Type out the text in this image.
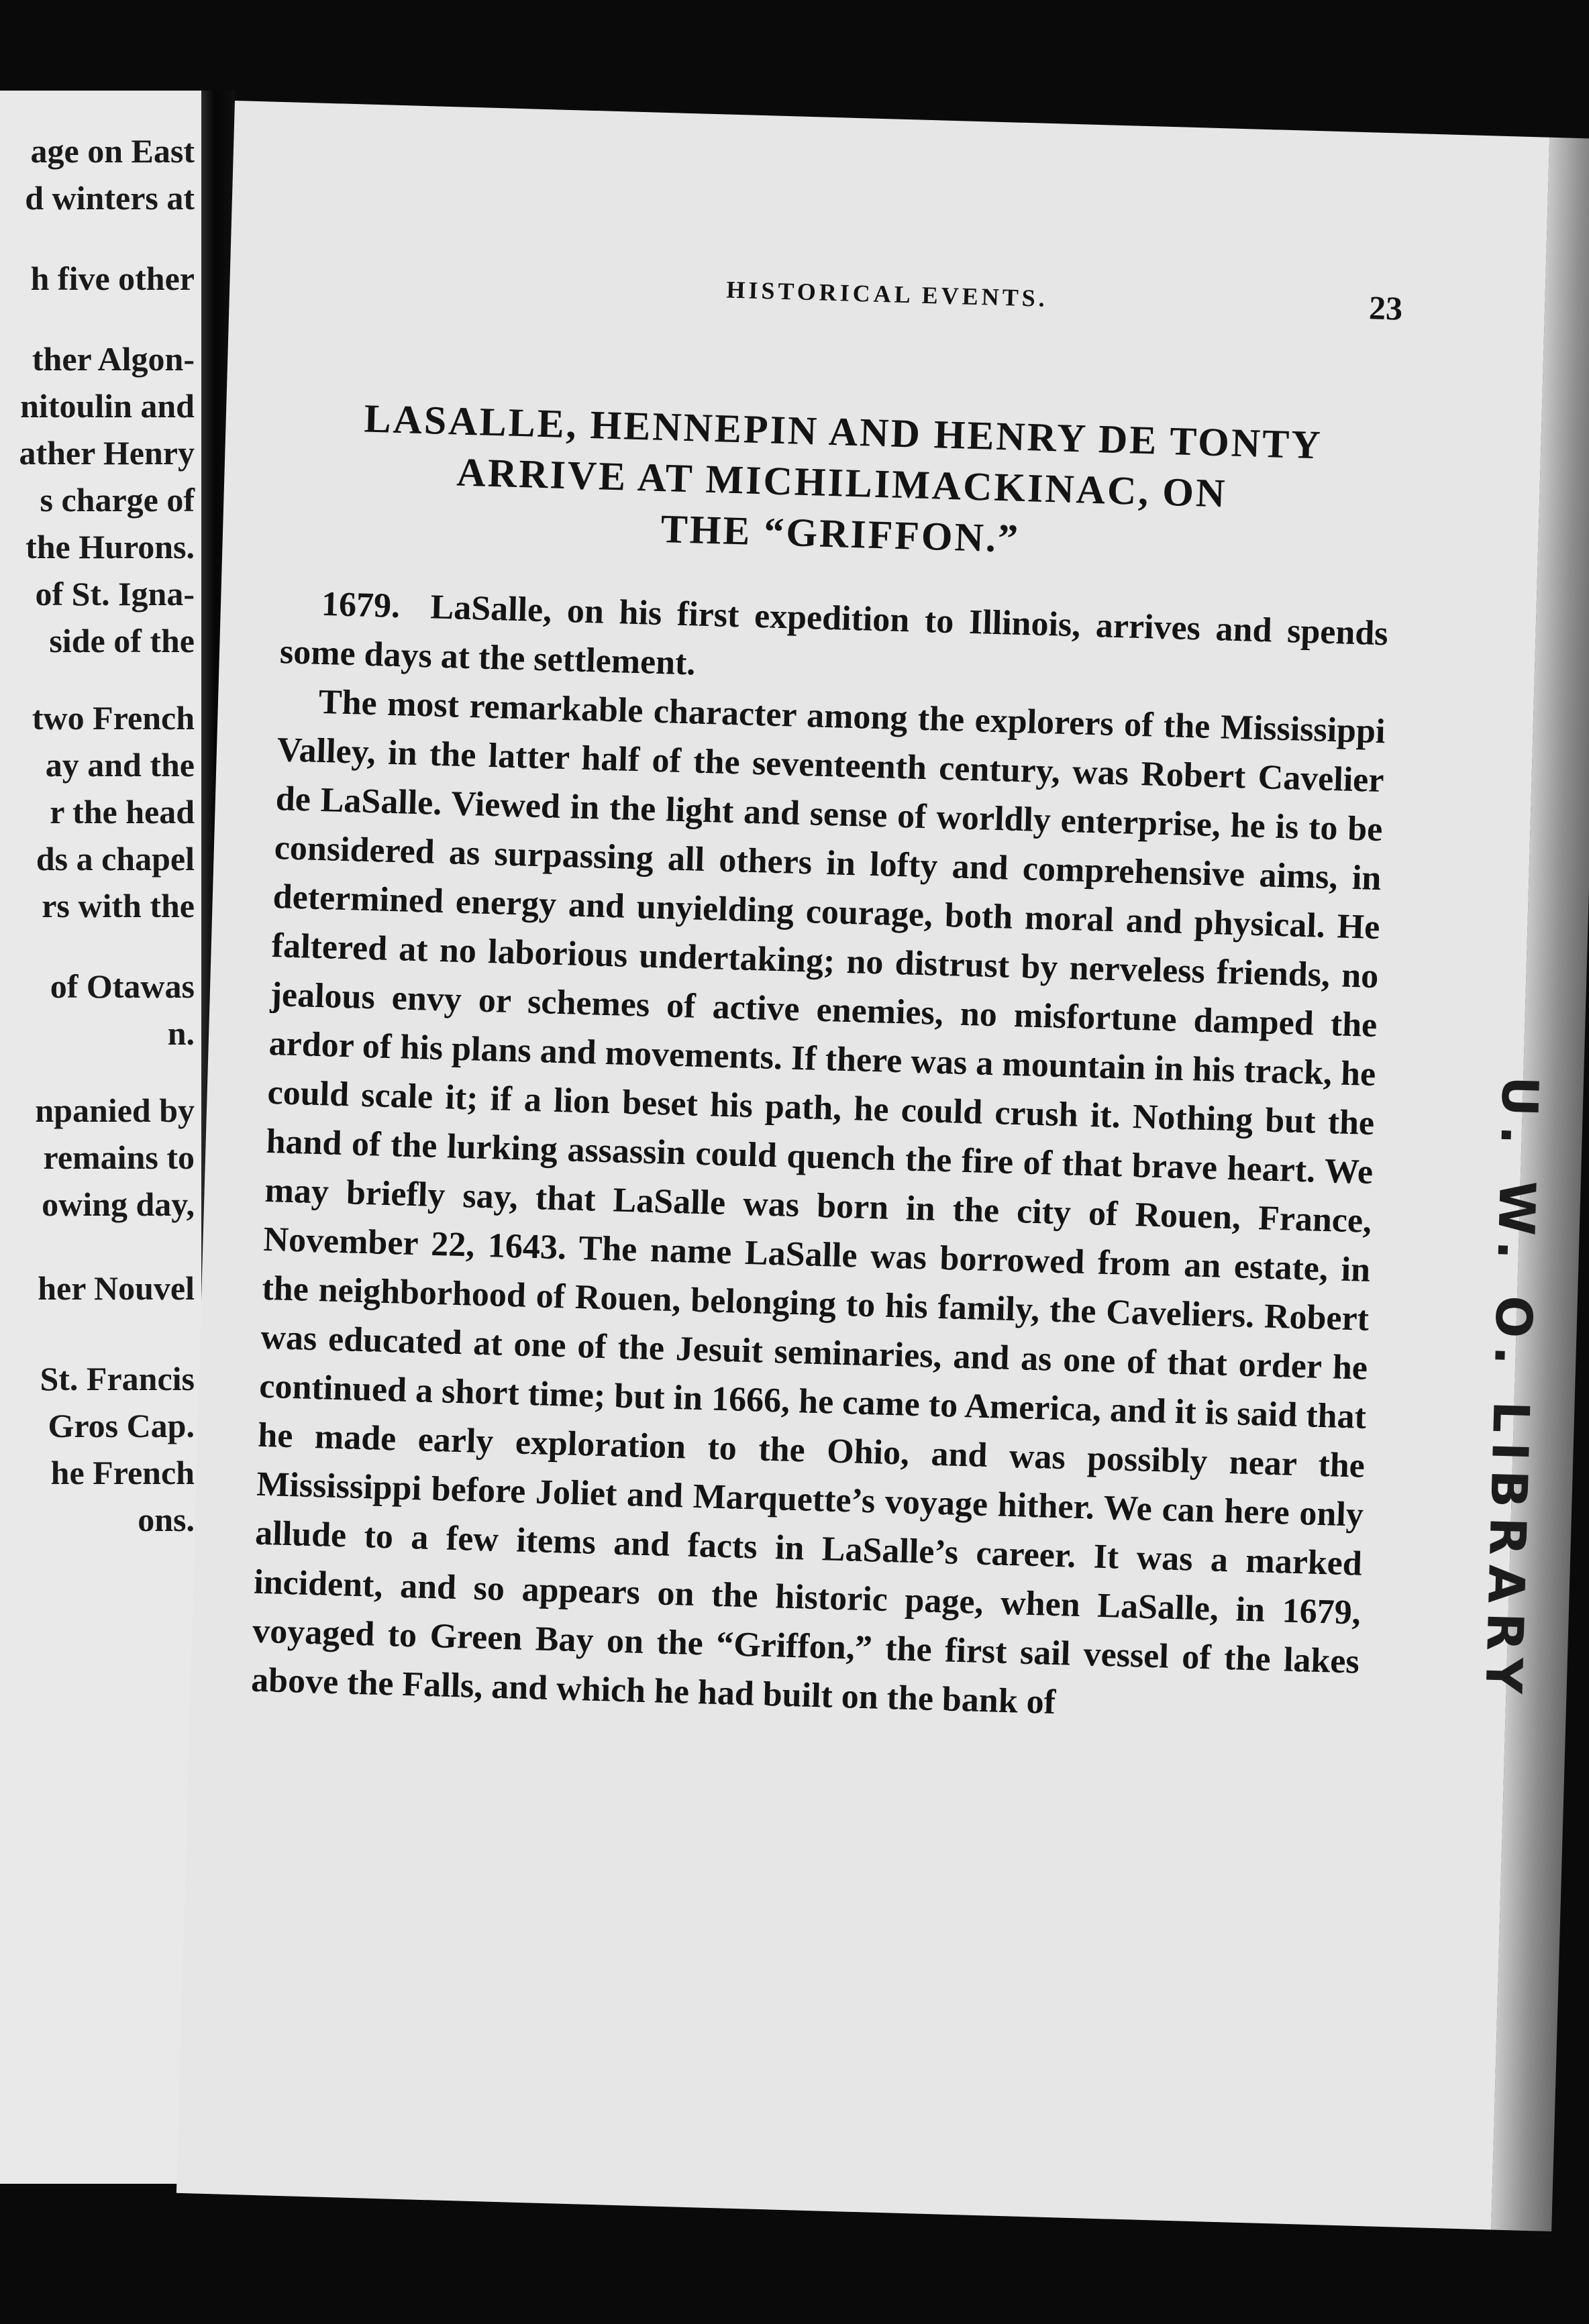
age on East
d winters at
h five other
ther Algon-
nitoulin and
ather Henry
s charge of
the Hurons.
of St. Igna-
side of the
two French
ay and the
r the head
ds a chapel
rs with the
of Otawas
n.
npanied by
remains to
owing day,
her Nouvel
St. Francis
Gros Cap.
he French
ons.
HISTORICAL EVENTS.	23
LASALLE, HENNEPIN AND HENRY DE TONTY
ARRIVE AT MICHILIMACKINAC, ON
THE “GRIFFON.”

1679. LaSalle, on his first expedition to Illinois, arrives and spends some days at the settlement.

The most remarkable character among the explorers of the Mississippi Valley, in the latter half of the seventeenth century, was Robert Cavelier de LaSalle. Viewed in the light and sense of worldly enterprise, he is to be considered as surpassing all others in lofty and comprehensive aims, in determined energy and unyielding courage, both moral and physical. He faltered at no laborious undertaking; no distrust by nerveless friends, no jealous envy or schemes of active enemies, no misfortune damped the ardor of his plans and movements. If there was a mountain in his track, he could scale it; if a lion beset his path, he could crush it. Nothing but the hand of the lurking assassin could quench the fire of that brave heart. We may briefly say, that LaSalle was born in the city of Rouen, France, November 22, 1643. The name LaSalle was borrowed from an estate, in the neighborhood of Rouen, belonging to his family, the Caveliers. Robert was educated at one of the Jesuit seminaries, and as one of that order he continued a short time; but in 1666, he came to America, and it is said that he made early exploration to the Ohio, and was possibly near the Mississippi before Joliet and Marquette’s voyage hither. We can here only allude to a few items and facts in LaSalle’s career. It was a marked incident, and so appears on the historic page, when LaSalle, in 1679, voyaged to Green Bay on the “Griffon,” the first sail vessel of the lakes above the Falls, and which he had built on the bank of	U. W. O. LIBRARY
